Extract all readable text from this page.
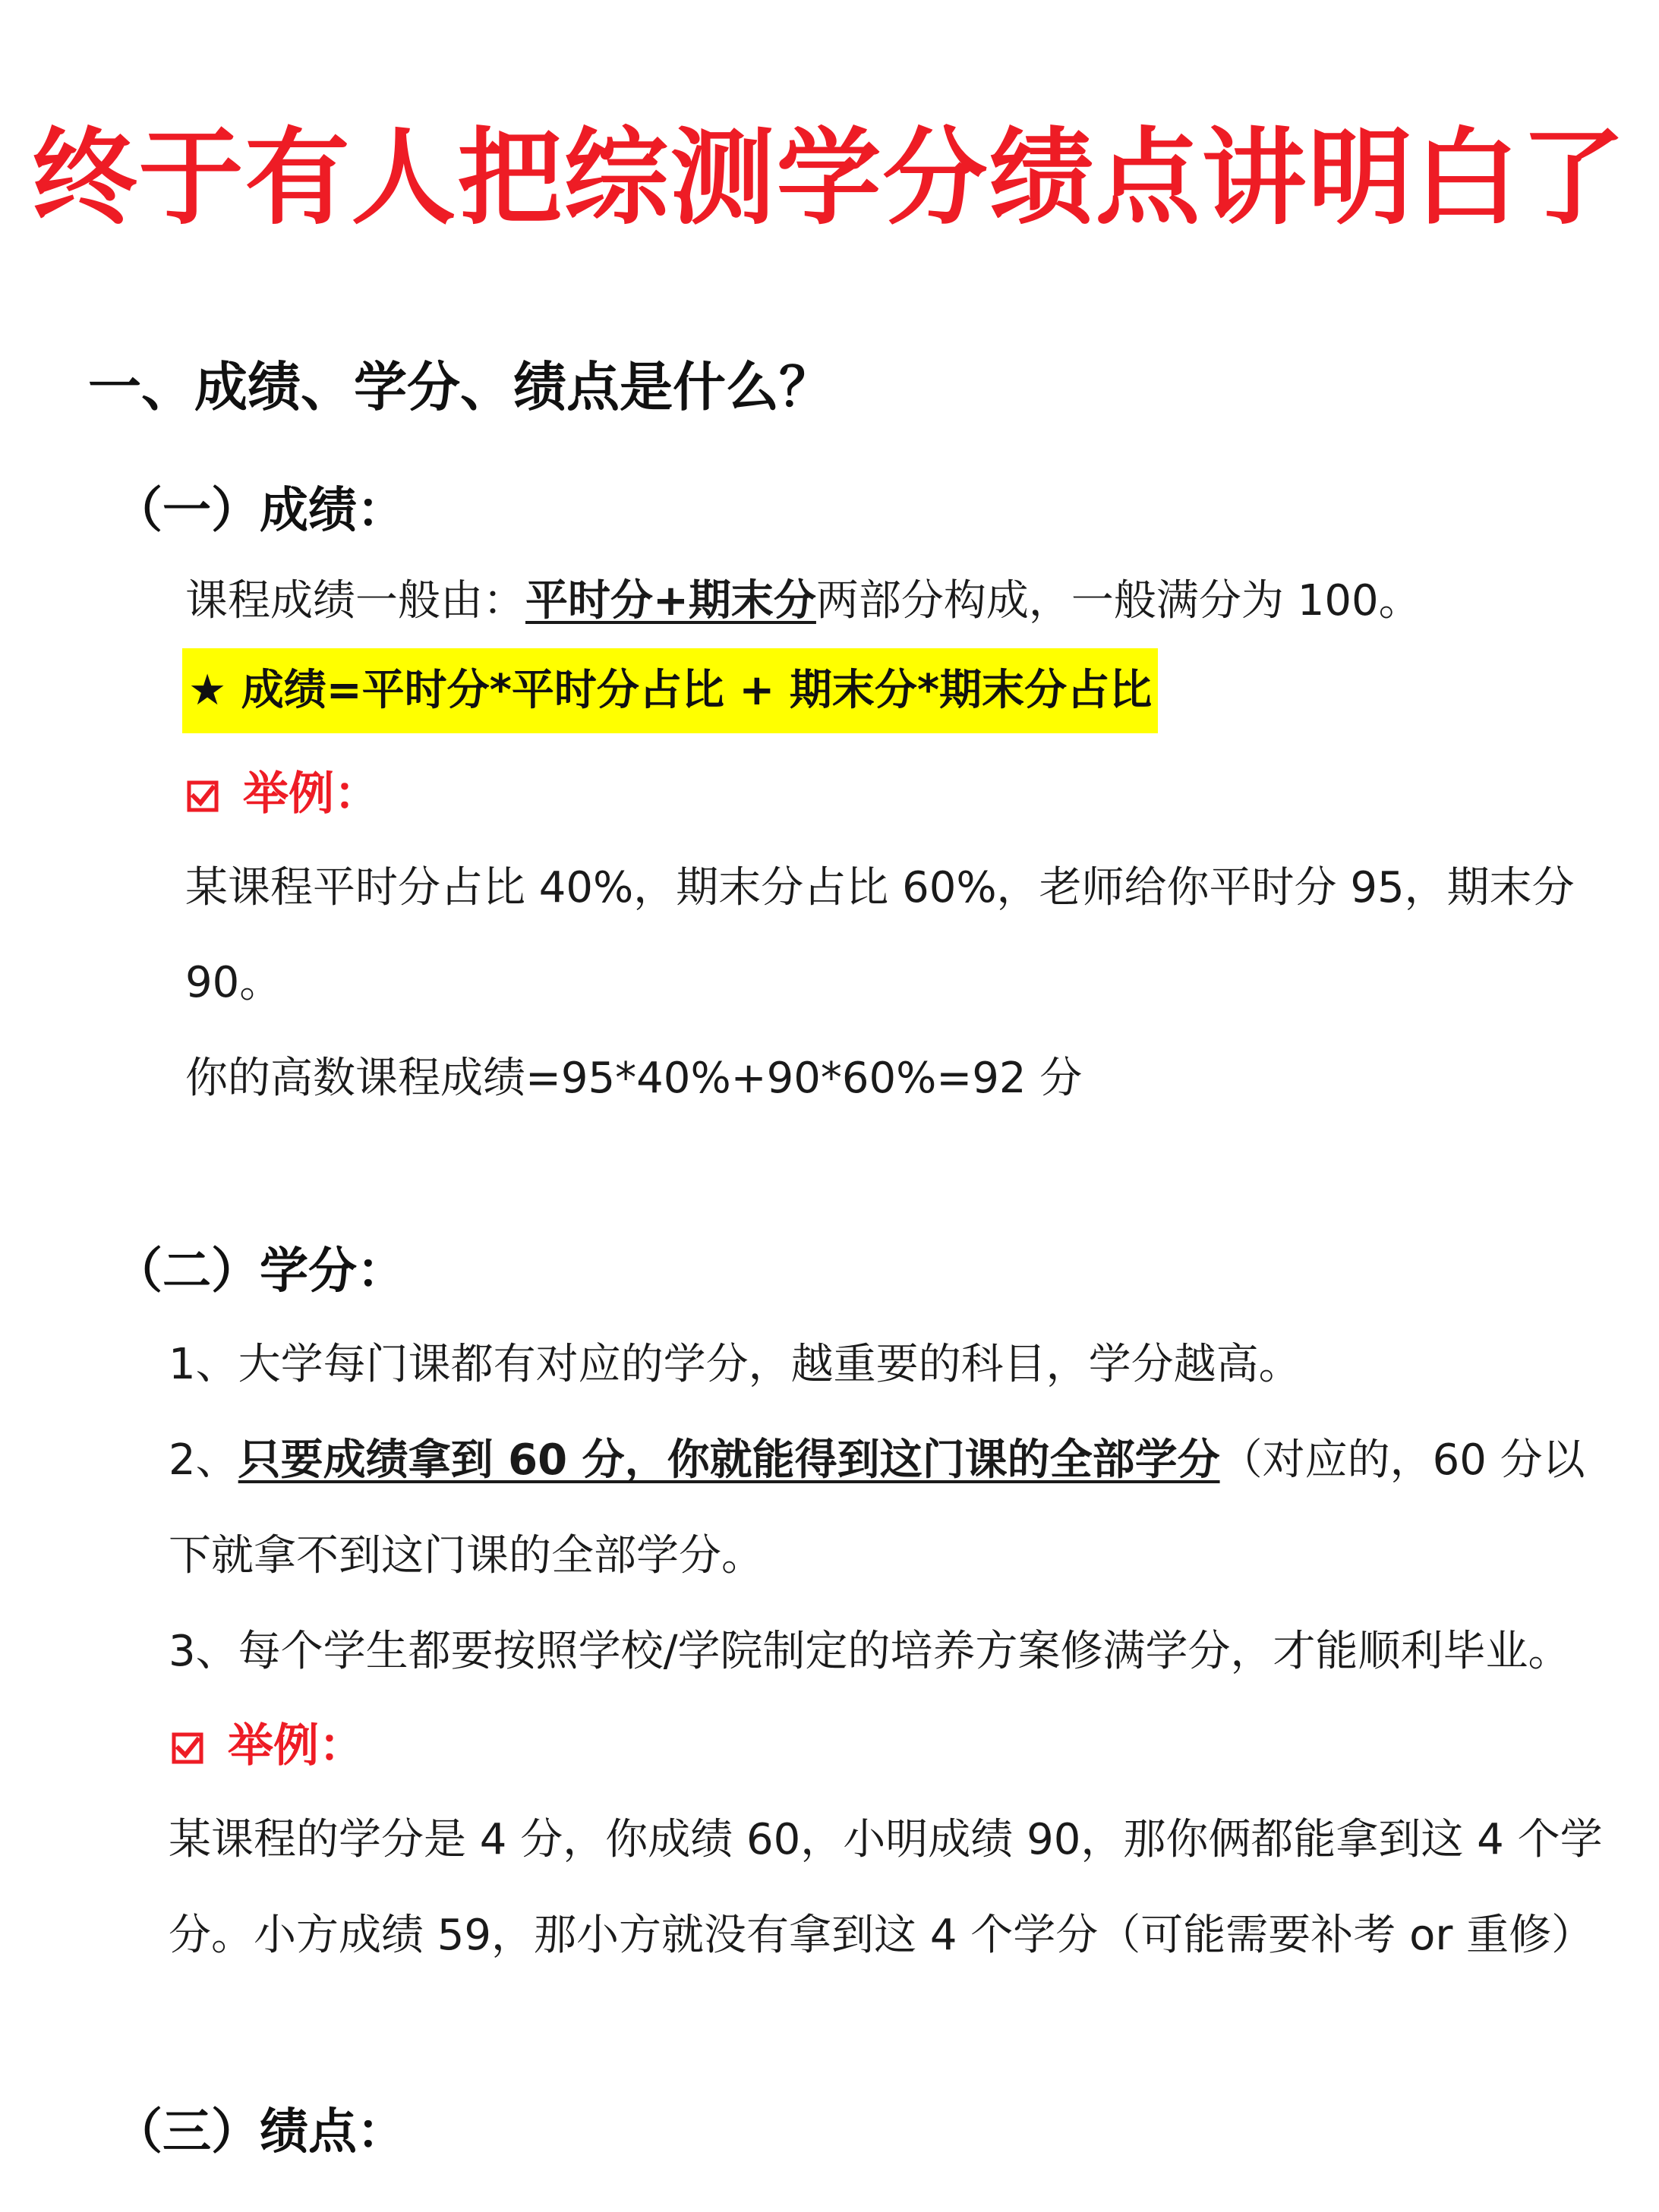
终于有人把综测学分绩点讲明白了
一、成绩、学分、绩点是什么？
（一）成绩：
课程成绩一般由：平时分+期末分两部分构成，一般满分为 100。
★ 成绩=平时分*平时分占比 + 期末分*期末分占比
举例：
某课程平时分占比 40%，期末分占比 60%，老师给你平时分 95，期末分
90。
你的高数课程成绩=95*40%+90*60%=92 分
（二）学分：
1、大学每门课都有对应的学分，越重要的科目，学分越高。
2、只要成绩拿到 60 分，你就能得到这门课的全部学分（对应的，60 分以
下就拿不到这门课的全部学分。
3、每个学生都要按照学校/学院制定的培养方案修满学分，才能顺利毕业。
举例：
某课程的学分是 4 分，你成绩 60，小明成绩 90，那你俩都能拿到这 4 个学
分。小方成绩 59，那小方就没有拿到这 4 个学分（可能需要补考 or 重修）
（三）绩点：
